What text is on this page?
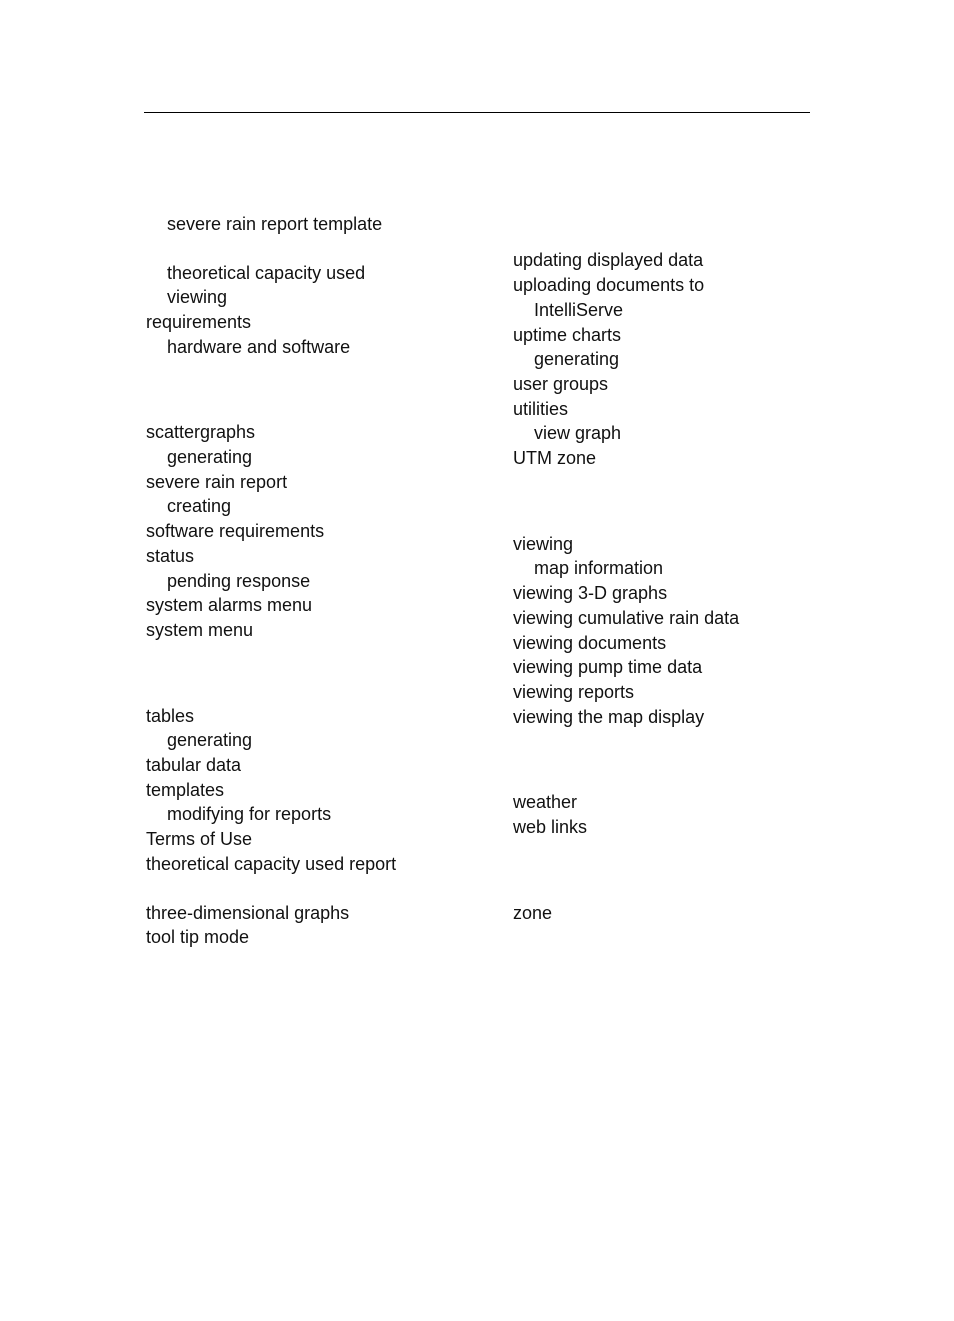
severe rain report template
theoretical capacity used
viewing
requirements
hardware and software
scattergraphs
generating
severe rain report
creating
software requirements
status
pending response
system alarms menu
system menu
tables
generating
tabular data
templates
modifying for reports
Terms of Use
theoretical capacity used report
three-dimensional graphs
tool tip mode
updating displayed data
uploading documents to
IntelliServe
uptime charts
generating
user groups
utilities
view graph
UTM zone
viewing
map information
viewing 3-D graphs
viewing cumulative rain data
viewing documents
viewing pump time data
viewing reports
viewing the map display
weather
web links
zone
